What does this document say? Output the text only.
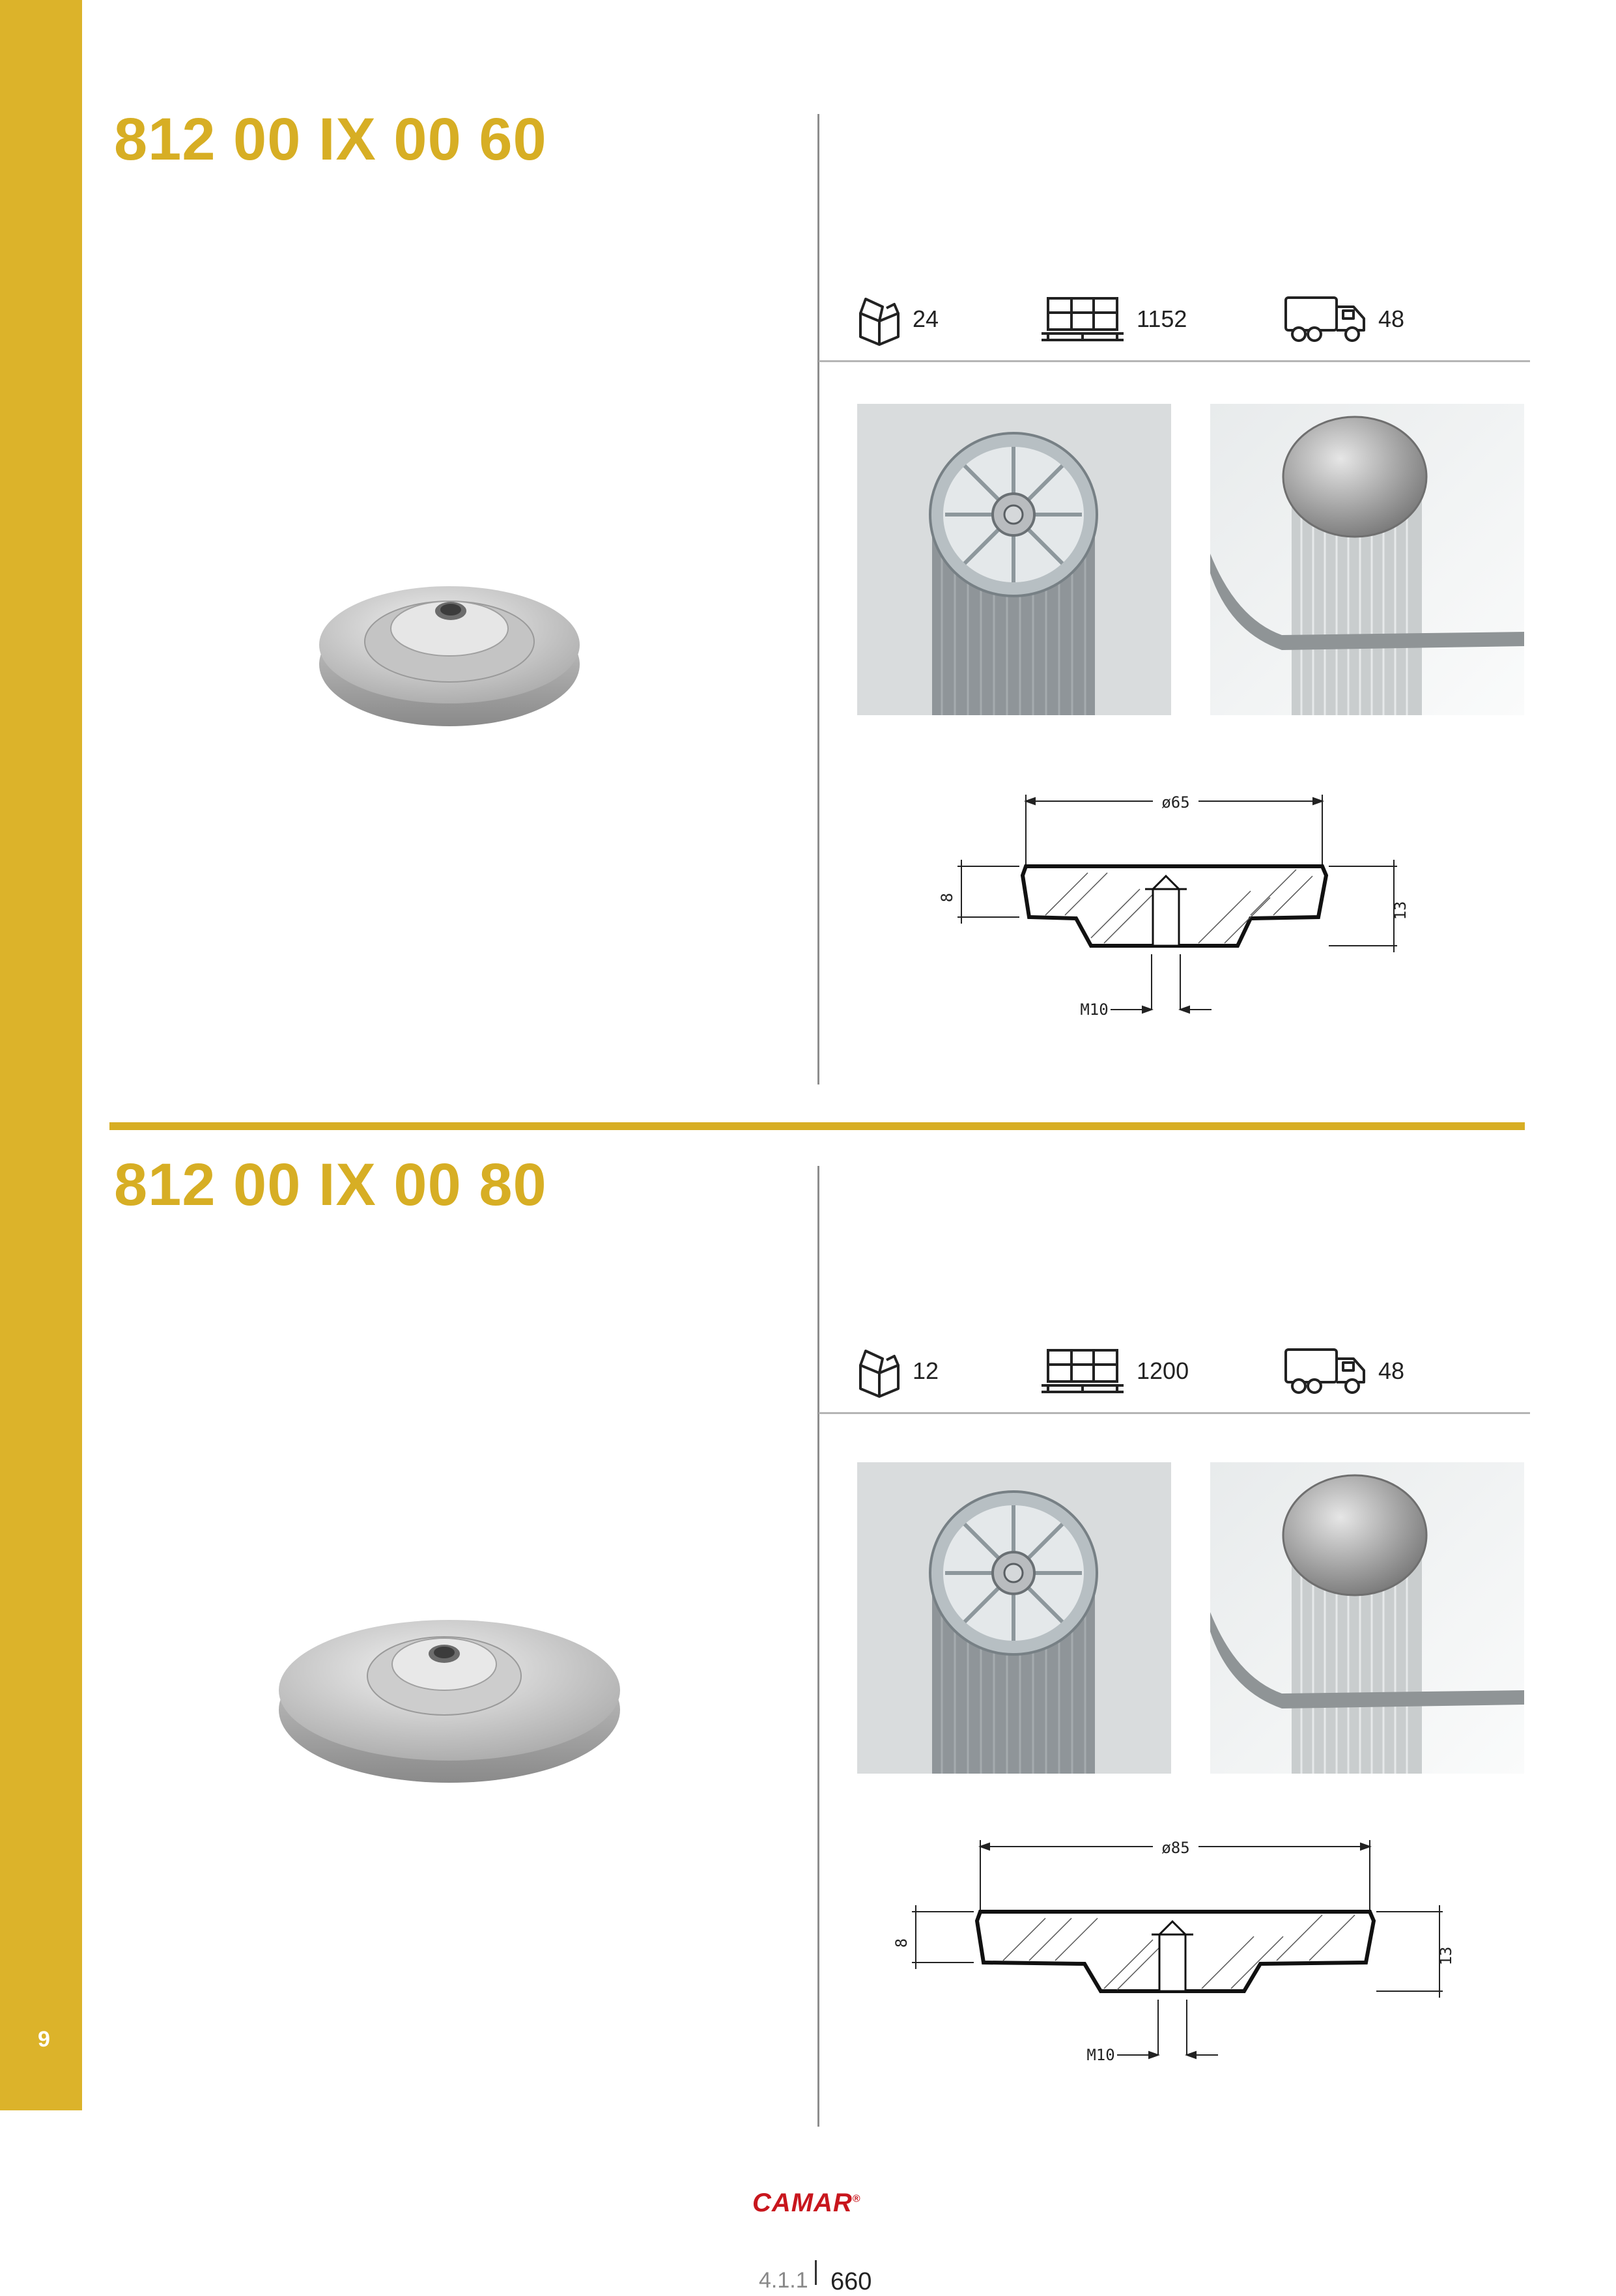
9
812 00 IX 00 60
24	1152	48
ø65
8
13
M10
812 00 IX 00 80
12	1200	48
ø85
8
13
M10
CAMAR®
4.1.1 660
